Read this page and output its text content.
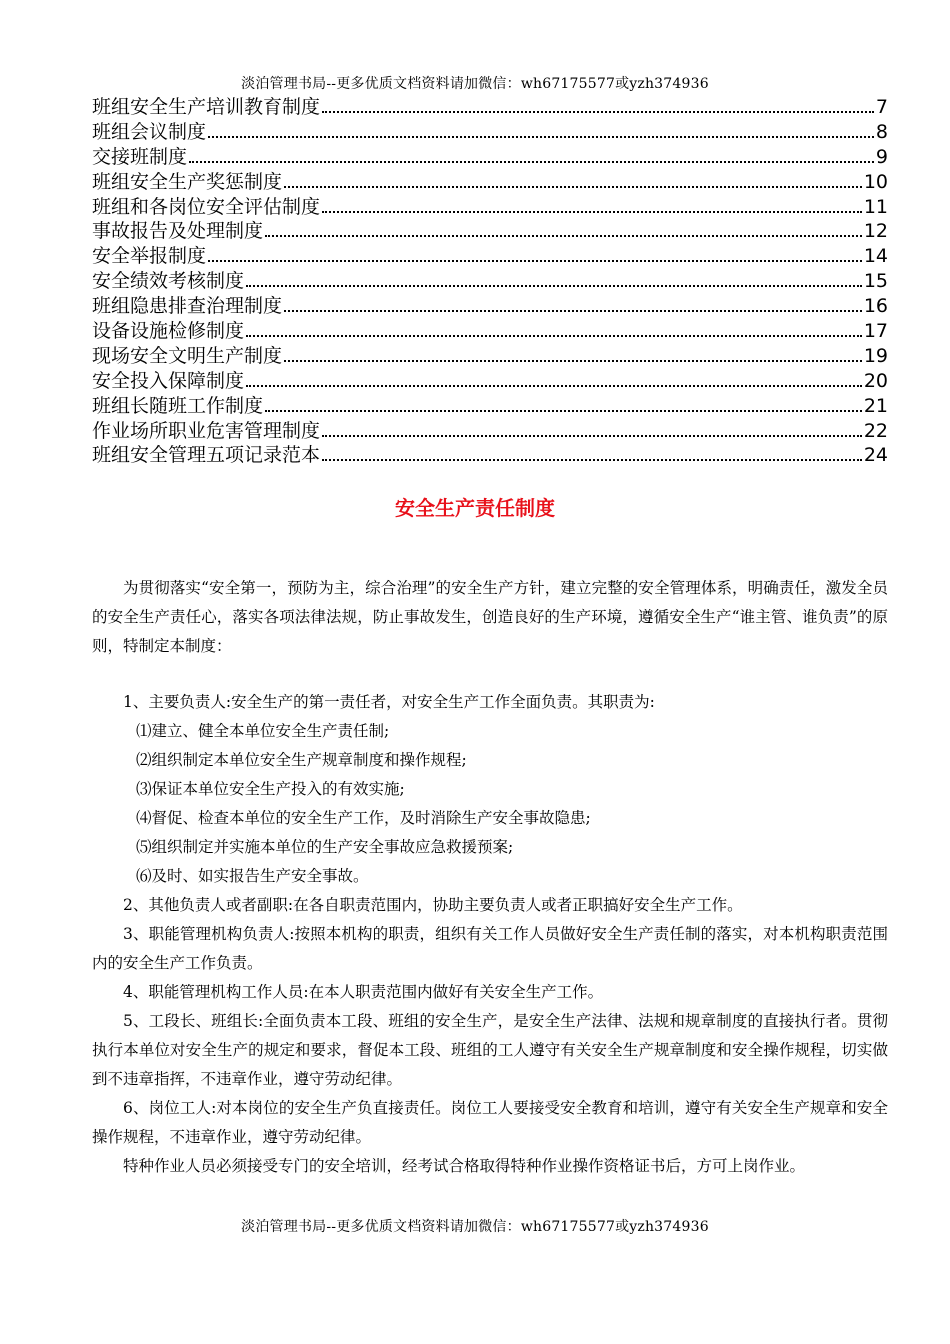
淡泊管理书局--更多优质文档资料请加微信：wh67175577或yzh374936
班组安全生产培训教育制度	7
班组会议制度	8
交接班制度	9
班组安全生产奖惩制度	10
班组和各岗位安全评估制度	11
事故报告及处理制度	12
安全举报制度	14
安全绩效考核制度	15
班组隐患排查治理制度	16
设备设施检修制度	17
现场安全文明生产制度	19
安全投入保障制度	20
班组长随班工作制度	21
作业场所职业危害管理制度	22
班组安全管理五项记录范本	24
安全生产责任制度

为贯彻落实“安全第一，预防为主，综合治理”的安全生产方针，建立完整的安全管理体系，明确责任，激发全员的安全生产责任心，落实各项法律法规，防止事故发生，创造良好的生产环境，遵循安全生产“谁主管、谁负责”的原则，特制定本制度：

1、主要负责人:安全生产的第一责任者，对安全生产工作全面负责。其职责为:

⑴建立、健全本单位安全生产责任制;

⑵组织制定本单位安全生产规章制度和操作规程;

⑶保证本单位安全生产投入的有效实施;

⑷督促、检查本单位的安全生产工作，及时消除生产安全事故隐患;

⑸组织制定并实施本单位的生产安全事故应急救援预案;

⑹及时、如实报告生产安全事故。

2、其他负责人或者副职:在各自职责范围内，协助主要负责人或者正职搞好安全生产工作。

3、职能管理机构负责人:按照本机构的职责，组织有关工作人员做好安全生产责任制的落实，对本机构职责范围内的安全生产工作负责。

4、职能管理机构工作人员:在本人职责范围内做好有关安全生产工作。

5、工段长、班组长:全面负责本工段、班组的安全生产，是安全生产法律、法规和规章制度的直接执行者。贯彻执行本单位对安全生产的规定和要求，督促本工段、班组的工人遵守有关安全生产规章制度和安全操作规程，切实做到不违章指挥，不违章作业，遵守劳动纪律。

6、岗位工人:对本岗位的安全生产负直接责任。岗位工人要接受安全教育和培训，遵守有关安全生产规章和安全操作规程，不违章作业，遵守劳动纪律。

特种作业人员必须接受专门的安全培训，经考试合格取得特种作业操作资格证书后，方可上岗作业。

淡泊管理书局--更多优质文档资料请加微信：wh67175577或yzh374936
